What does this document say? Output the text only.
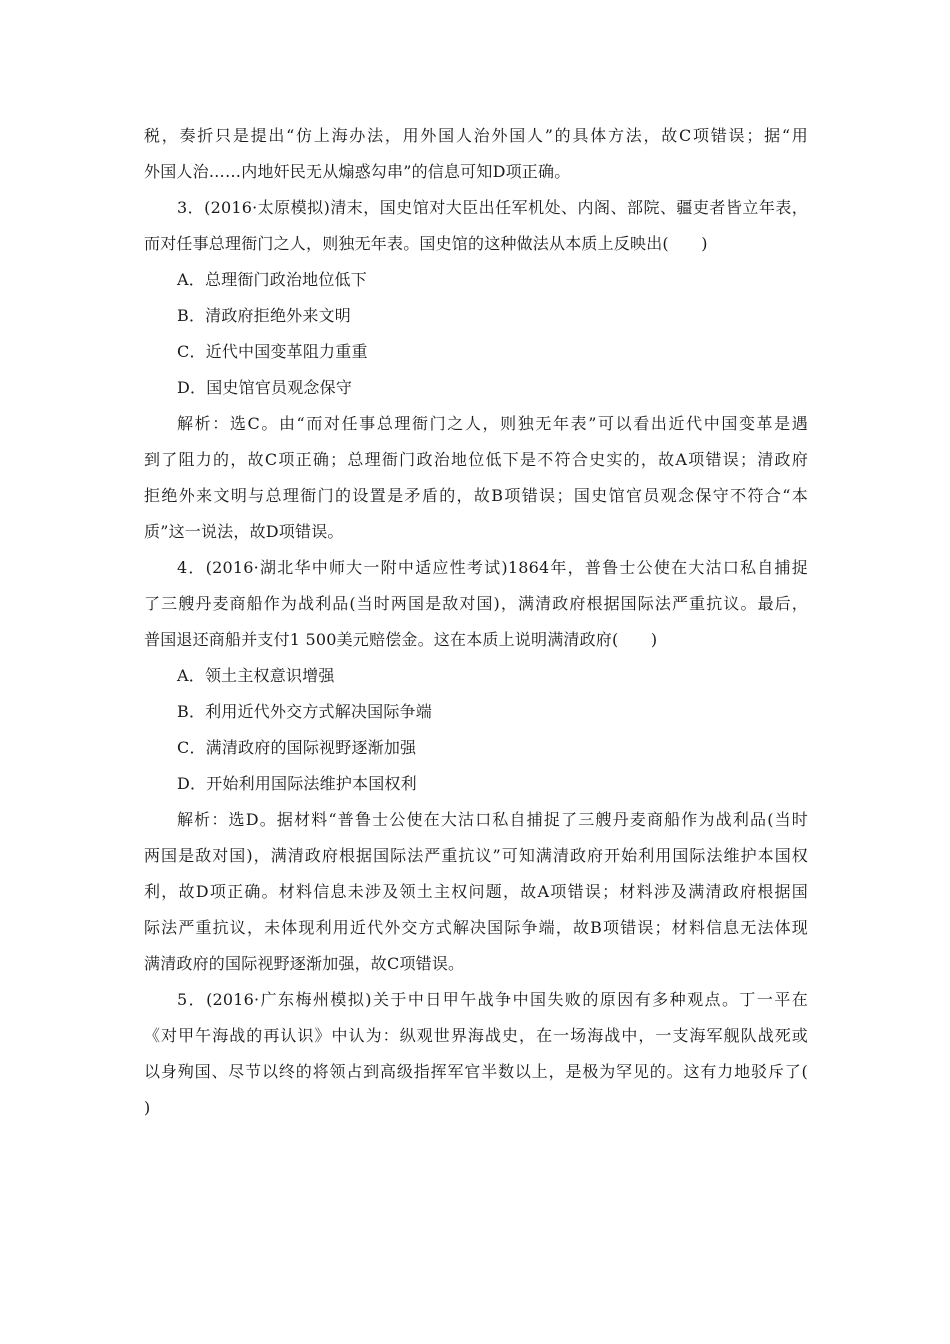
税，奏折只是提出“仿上海办法，用外国人治外国人”的具体方法，故C项错误；据“用
外国人治……内地奸民无从煽惑勾串”的信息可知D项正确。
3．(2016·太原模拟)清末，国史馆对大臣出任军机处、内阁、部院、疆吏者皆立年表，
而对任事总理衙门之人，则独无年表。国史馆的这种做法从本质上反映出(　　)
A．总理衙门政治地位低下
B．清政府拒绝外来文明
C．近代中国变革阻力重重
D．国史馆官员观念保守
解析：选C。由“而对任事总理衙门之人，则独无年表”可以看出近代中国变革是遇
到了阻力的，故C项正确；总理衙门政治地位低下是不符合史实的，故A项错误；清政府
拒绝外来文明与总理衙门的设置是矛盾的，故B项错误；国史馆官员观念保守不符合“本
质”这一说法，故D项错误。
4．(2016·湖北华中师大一附中适应性考试)1864年，普鲁士公使在大沽口私自捕捉
了三艘丹麦商船作为战利品(当时两国是敌对国)，满清政府根据国际法严重抗议。最后，
普国退还商船并支付1 500美元赔偿金。这在本质上说明满清政府(　　)
A．领土主权意识增强
B．利用近代外交方式解决国际争端
C．满清政府的国际视野逐渐加强
D．开始利用国际法维护本国权利
解析：选D。据材料“普鲁士公使在大沽口私自捕捉了三艘丹麦商船作为战利品(当时
两国是敌对国)，满清政府根据国际法严重抗议”可知满清政府开始利用国际法维护本国权
利，故D项正确。材料信息未涉及领土主权问题，故A项错误；材料涉及满清政府根据国
际法严重抗议，未体现利用近代外交方式解决国际争端，故B项错误；材料信息无法体现
满清政府的国际视野逐渐加强，故C项错误。
5．(2016·广东梅州模拟)关于中日甲午战争中国失败的原因有多种观点。丁一平在
《对甲午海战的再认识》中认为：纵观世界海战史，在一场海战中，一支海军舰队战死或
以身殉国、尽节以终的将领占到高级指挥军官半数以上，是极为罕见的。这有力地驳斥了(
)
